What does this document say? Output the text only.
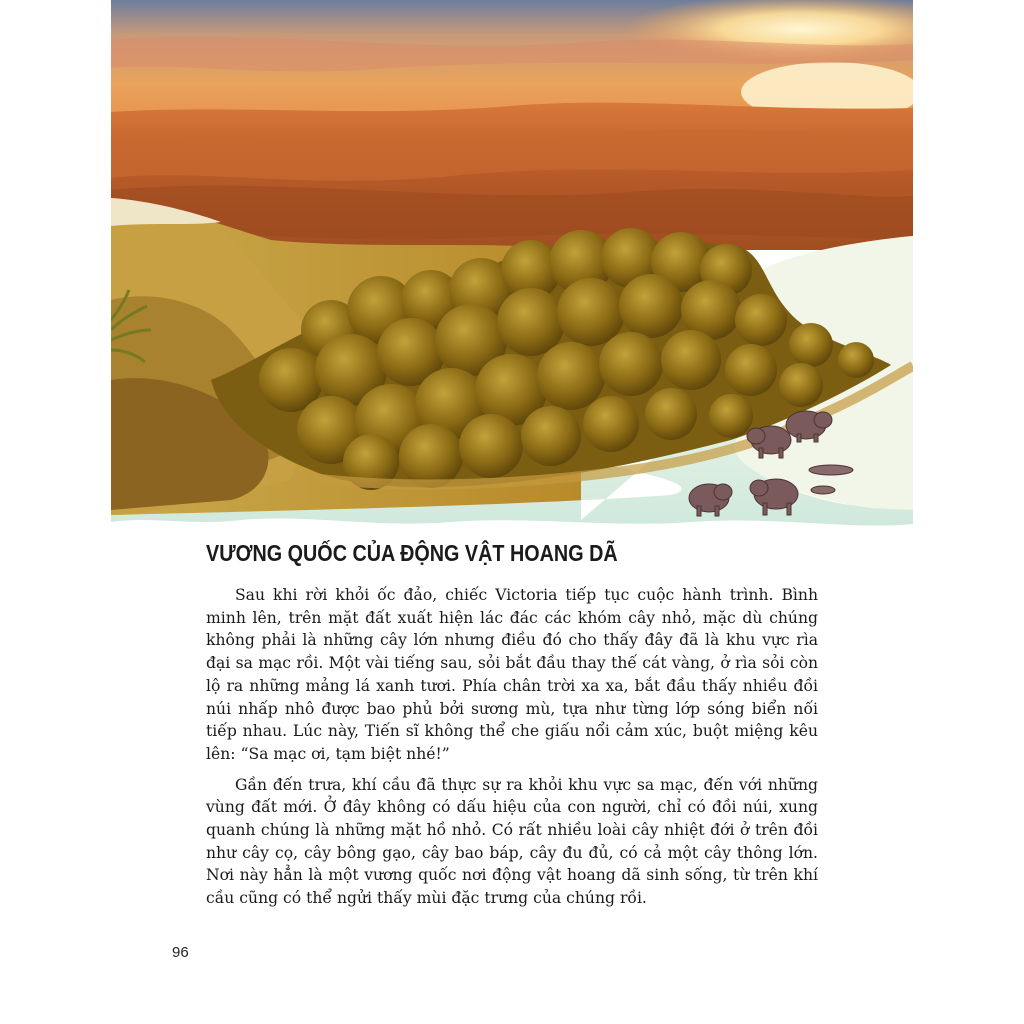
VƯƠNG QUỐC CỦA ĐỘNG VẬT HOANG DÃ

Sau khi rời khỏi ốc đảo, chiếc Victoria tiếp tục cuộc hành trình. Bình minh lên, trên mặt đất xuất hiện lác đác các khóm cây nhỏ, mặc dù chúng không phải là những cây lớn nhưng điều đó cho thấy đây đã là khu vực rìa đại sa mạc rồi. Một vài tiếng sau, sỏi bắt đầu thay thế cát vàng, ở rìa sỏi còn lộ ra những mảng lá xanh tươi. Phía chân trời xa xa, bắt đầu thấy nhiều đồi núi nhấp nhô được bao phủ bởi sương mù, tựa như từng lớp sóng biển nối tiếp nhau. Lúc này, Tiến sĩ không thể che giấu nổi cảm xúc, buột miệng kêu lên: “Sa mạc ơi, tạm biệt nhé!”

Gần đến trưa, khí cầu đã thực sự ra khỏi khu vực sa mạc, đến với những vùng đất mới. Ở đây không có dấu hiệu của con người, chỉ có đồi núi, xung quanh chúng là những mặt hồ nhỏ. Có rất nhiều loài cây nhiệt đới ở trên đồi như cây cọ, cây bông gạo, cây bao báp, cây đu đủ, có cả một cây thông lớn. Nơi này hẳn là một vương quốc nơi động vật hoang dã sinh sống, từ trên khí cầu cũng có thể ngửi thấy mùi đặc trưng của chúng rồi.

96
